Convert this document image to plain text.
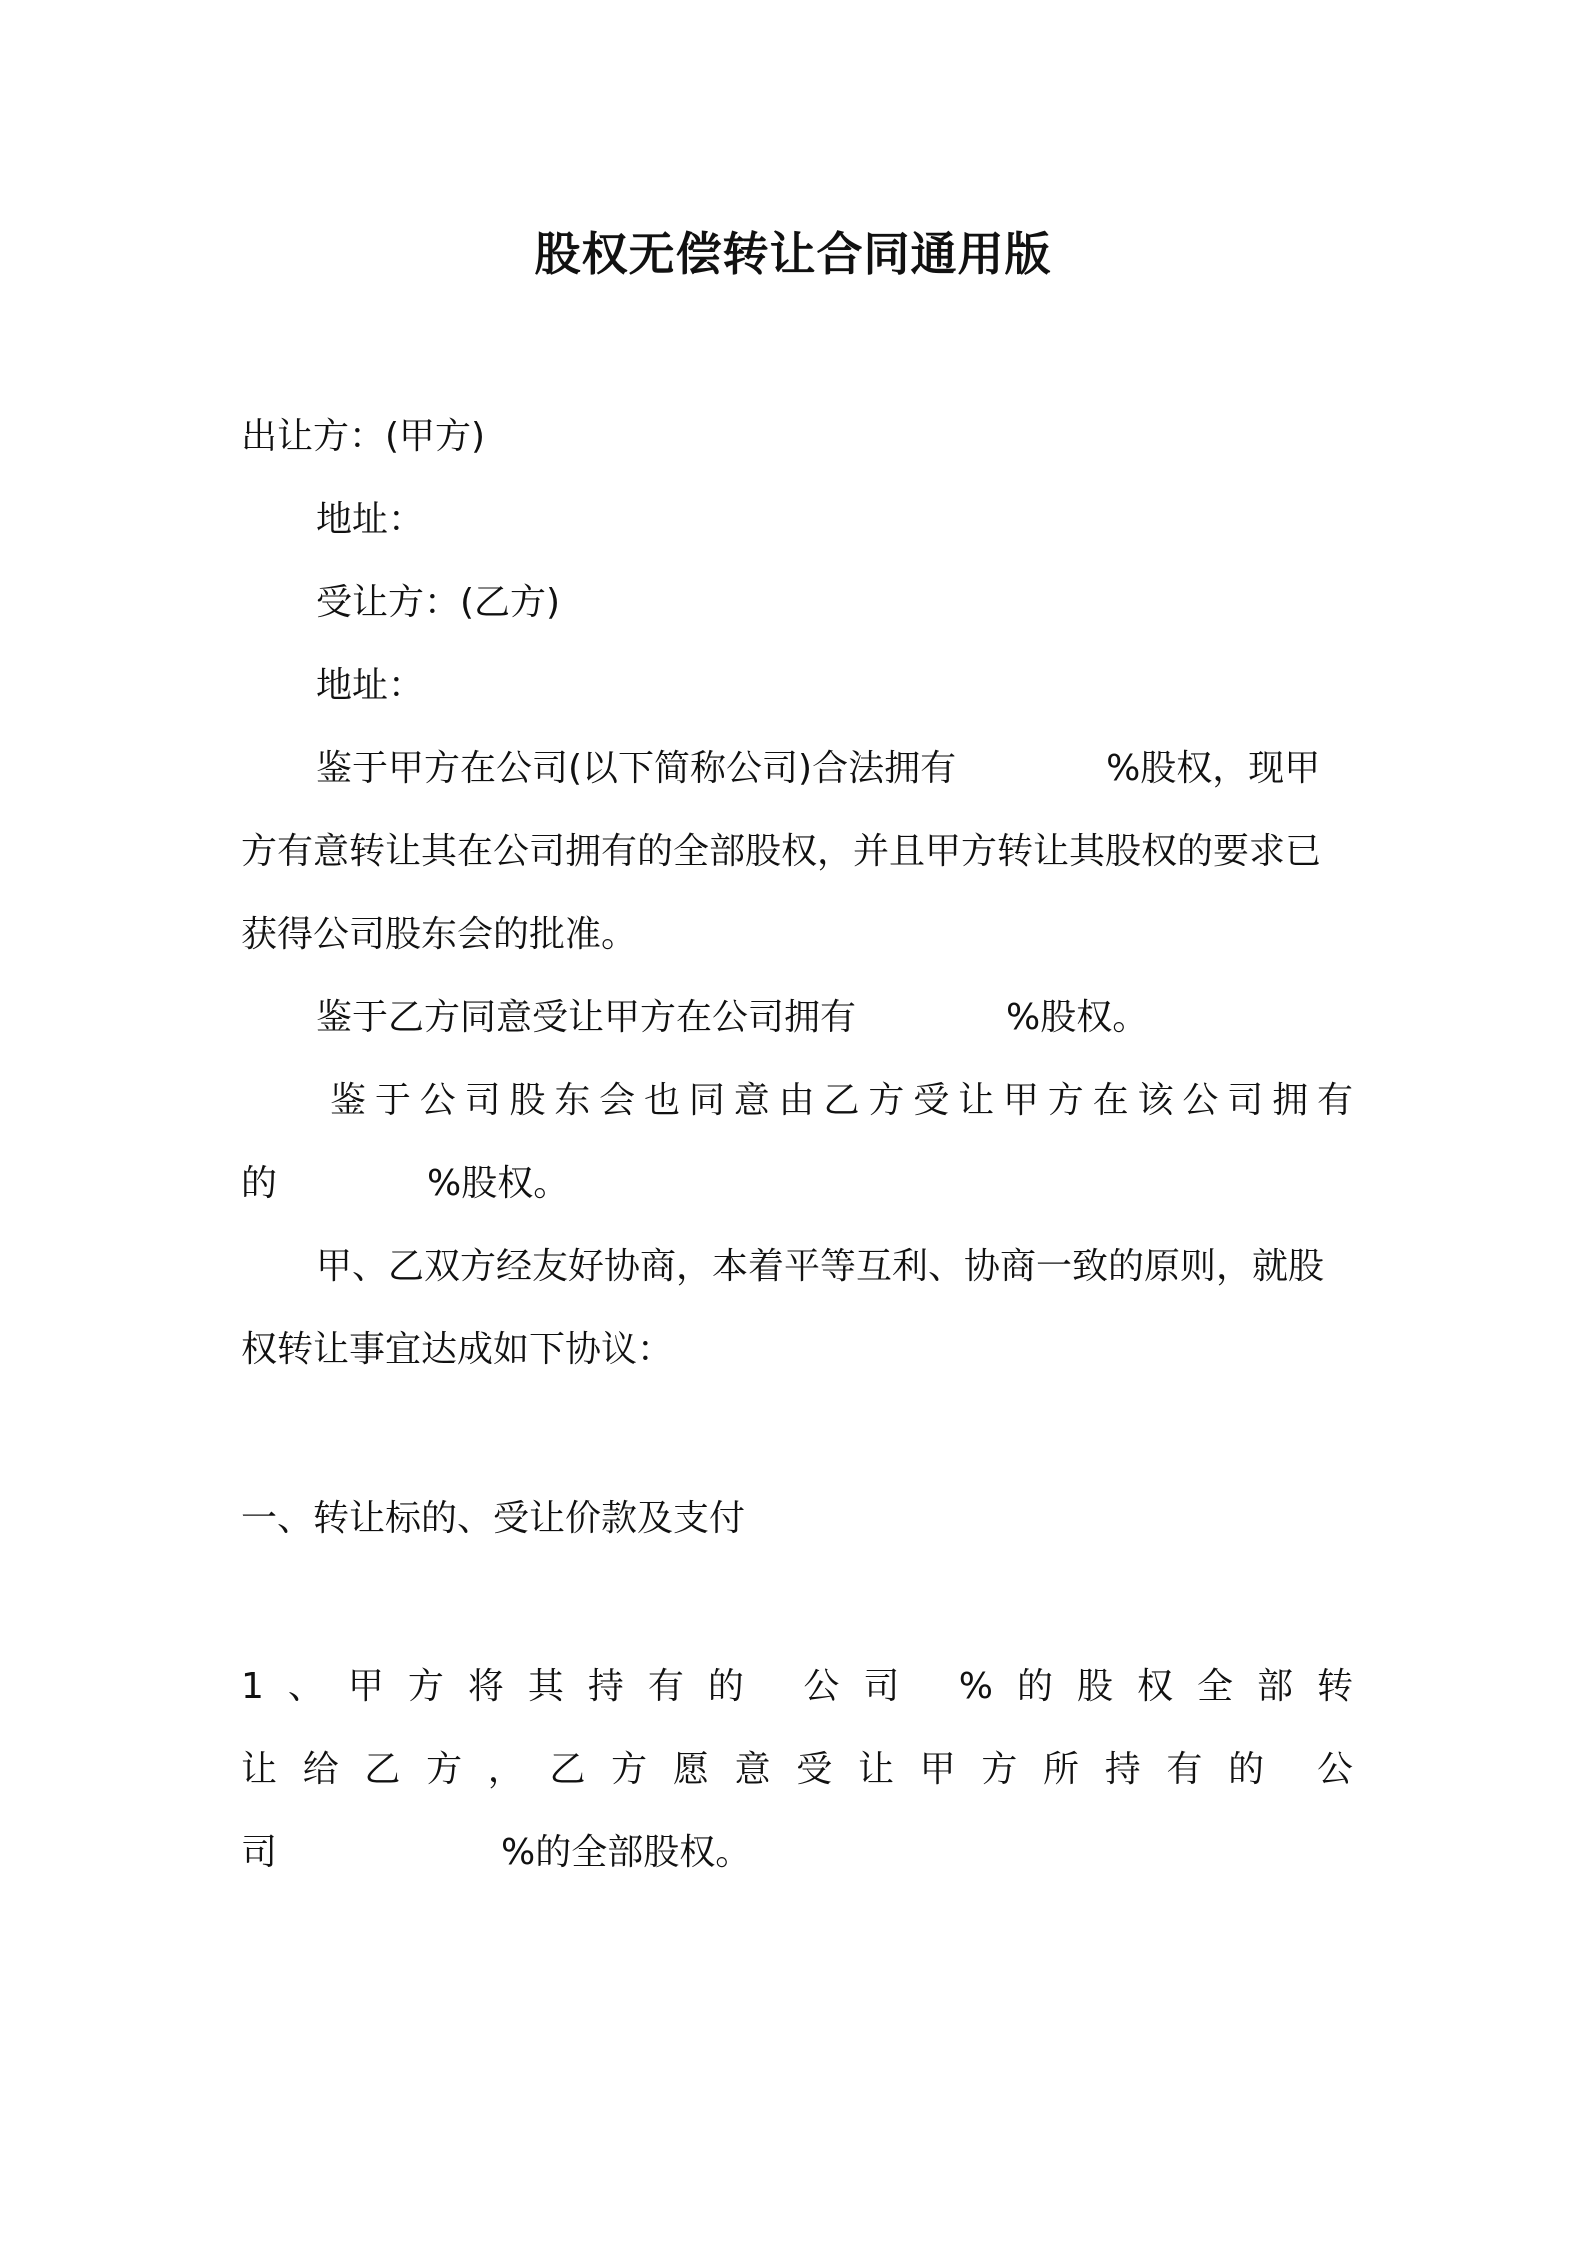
股权无偿转让合同通用版
出让方：(甲方)
地址：
受让方：(乙方)
地址：
鉴于甲方在公司(以下简称公司)合法拥有	%股权，现甲
方有意转让其在公司拥有的全部股权，并且甲方转让其股权的要求已
获得公司股东会的批准。
鉴于乙方同意受让甲方在公司拥有	%股权。
鉴于公司股东会也同意由乙方受让甲方在该公司拥有
的	%股权。
甲、乙双方经友好协商，本着平等互利、协商一致的原则，就股
权转让事宜达成如下协议：
一、转让标的、受让价款及支付
1、甲方将其持有的 公司 %的股权全部转
让给乙方，乙方愿意受让甲方所持有的 公
司	%的全部股权。
